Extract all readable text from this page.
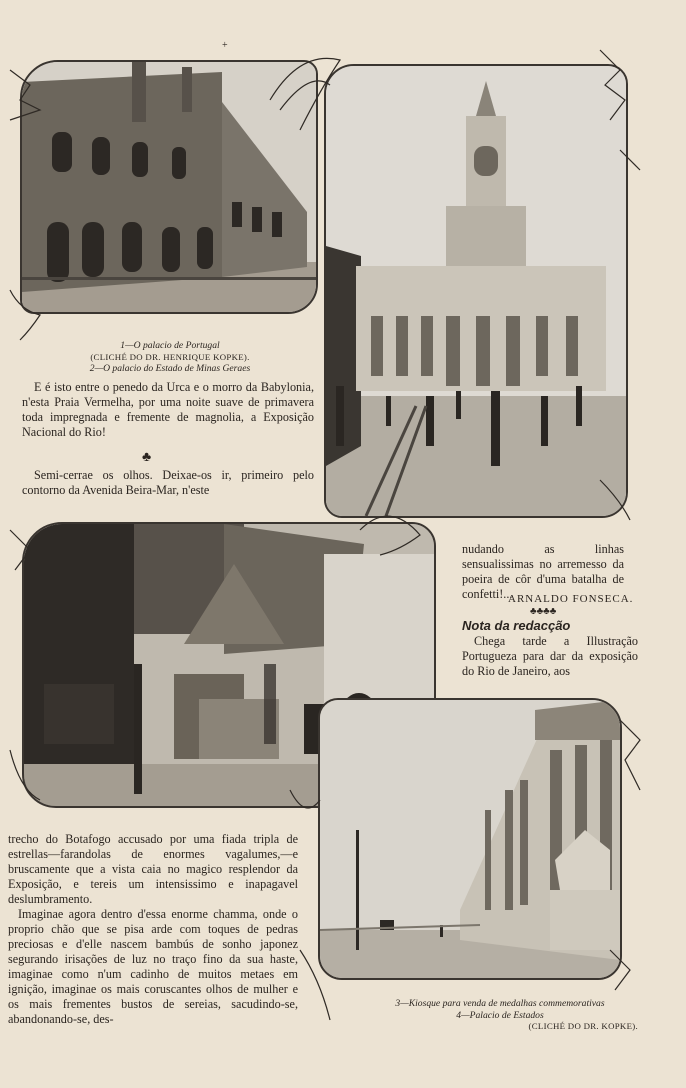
+
1—O palacio de Portugal
(CLICHÉ DO DR. HENRIQUE KOPKE).
2—O palacio do Estado de Minas Geraes

E é isto entre o penedo da Urca e o morro da Babylonia, n'esta Praia Vermelha, por uma noite suave de primavera toda impregnada e fremente de magnolia, a Exposição Nacional do Rio!

♣

Semi-cerrae os olhos. Deixae-os ir, primeiro pelo contorno da Avenida Beira-Mar, n'este

nudando as linhas sensualissimas no arremesso da poeira de côr d'uma batalha de confetti!...

ARNALDO FONSECA.
♣♣♣♣
Nota da redacção

Chega tarde a Illustração Portugueza para dar da exposição do Rio de Janeiro, aos

trecho do Botafogo accusado por uma fiada tripla de estrellas—farandolas de enormes vagalumes,—e bruscamente que a vista caia no magico resplendor da Exposição, e tereis um intensissimo e inapagavel deslumbramento.

Imaginae agora dentro d'essa enorme chamma, onde o proprio chão que se pisa arde com toques de pedras preciosas e d'elle nascem bambús de sonho japonez segurando irisações de luz no traço fino da sua haste, imaginae como n'um cadinho de muitos metaes em ignição, imaginae os mais coruscantes olhos de mulher e os mais frementes bustos de sereias, sacudindo-se, abandonando-se, des-

3—Kiosque para venda de medalhas commemorativas
4—Palacio de Estados
(CLICHÉ DO DR. KOPKE).
